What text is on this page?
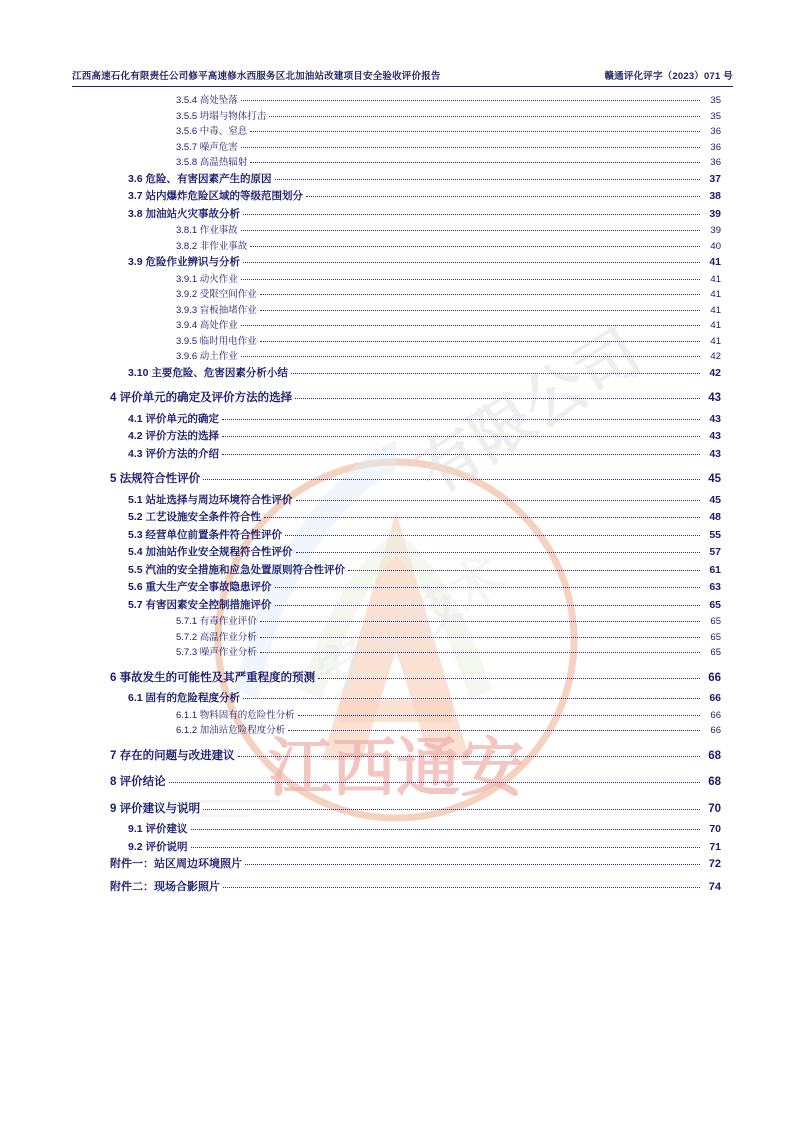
江西通安
有限公司
安全技术
江西高速石化有限责任公司修平高速修水西服务区北加油站改建项目安全验收评价报告	赣通评化评字（2023）071 号
3.5.4 高处坠落	35
3.5.5 坍塌与物体打击	35
3.5.6 中毒、窒息	36
3.5.7 噪声危害	36
3.5.8 高温热辐射	36
3.6 危险、有害因素产生的原因	37
3.7 站内爆炸危险区域的等级范围划分	38
3.8 加油站火灾事故分析	39
3.8.1 作业事故	39
3.8.2 非作业事故	40
3.9 危险作业辨识与分析	41
3.9.1 动火作业	41
3.9.2 受限空间作业	41
3.9.3 盲板抽堵作业	41
3.9.4 高处作业	41
3.9.5 临时用电作业	41
3.9.6 动土作业	42
3.10 主要危险、危害因素分析小结	42
4 评价单元的确定及评价方法的选择	43
4.1 评价单元的确定	43
4.2 评价方法的选择	43
4.3 评价方法的介绍	43
5 法规符合性评价	45
5.1 站址选择与周边环境符合性评价	45
5.2 工艺设施安全条件符合性	48
5.3 经营单位前置条件符合性评价	55
5.4 加油站作业安全规程符合性评价	57
5.5 汽油的安全措施和应急处置原则符合性评价	61
5.6 重大生产安全事故隐患评价	63
5.7 有害因素安全控制措施评价	65
5.7.1 有毒作业评价	65
5.7.2 高温作业分析	65
5.7.3 噪声作业分析	65
6 事故发生的可能性及其严重程度的预测	66
6.1 固有的危险程度分析	66
6.1.1 物料固有的危险性分析	66
6.1.2 加油站危险程度分析	66
7 存在的问题与改进建议	68
8 评价结论	68
9 评价建议与说明	70
9.1 评价建议	70
9.2 评价说明	71
附件一：站区周边环境照片	72
附件二：现场合影照片	74
